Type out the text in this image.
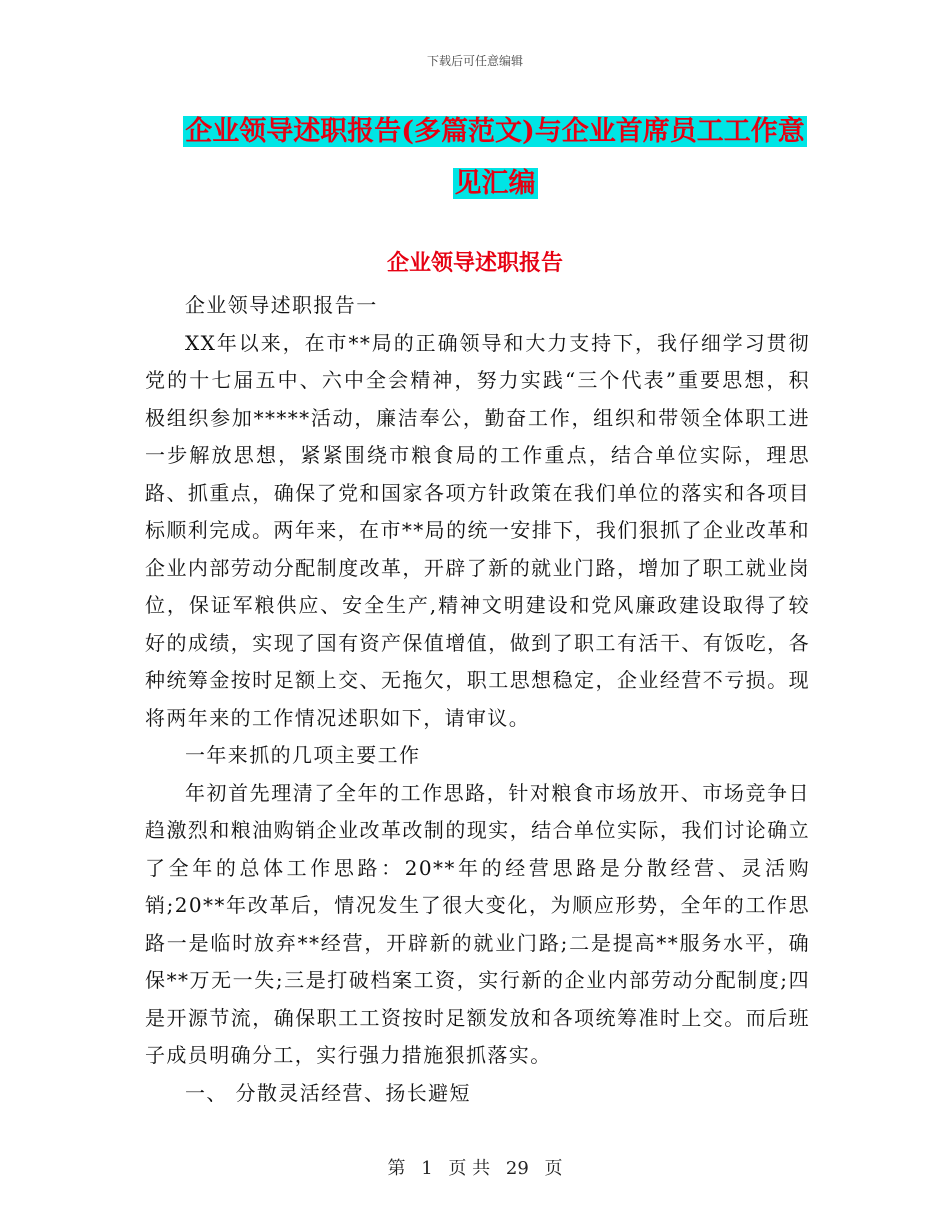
下载后可任意编辑
企业领导述职报告(多篇范文)与企业首席员工工作意
见汇编
企业领导述职报告

企业领导述职报告一

XX年以来，在市**局的正确领导和大力支持下，我仔细学习贯彻党的十七届五中、六中全会精神，努力实践“三个代表”重要思想，积极组织参加*****活动，廉洁奉公，勤奋工作，组织和带领全体职工进一步解放思想，紧紧围绕市粮食局的工作重点，结合单位实际，理思路、抓重点，确保了党和国家各项方针政策在我们单位的落实和各项目标顺利完成。两年来，在市**局的统一安排下，我们狠抓了企业改革和企业内部劳动分配制度改革，开辟了新的就业门路，增加了职工就业岗位，保证军粮供应、安全生产,精神文明建设和党风廉政建设取得了较好的成绩，实现了国有资产保值增值，做到了职工有活干、有饭吃，各种统筹金按时足额上交、无拖欠，职工思想稳定，企业经营不亏损。现将两年来的工作情况述职如下，请审议。

一年来抓的几项主要工作

年初首先理清了全年的工作思路，针对粮食市场放开、市场竞争日趋激烈和粮油购销企业改革改制的现实，结合单位实际，我们讨论确立了全年的总体工作思路：20**年的经营思路是分散经营、灵活购销;20**年改革后，情况发生了很大变化，为顺应形势，全年的工作思路一是临时放弃**经营，开辟新的就业门路;二是提高**服务水平，确保**万无一失;三是打破档案工资，实行新的企业内部劳动分配制度;四是开源节流，确保职工工资按时足额发放和各项统筹准时上交。而后班子成员明确分工，实行强力措施狠抓落实。

一、 分散灵活经营、扬长避短

第 1 页 共 29 页
